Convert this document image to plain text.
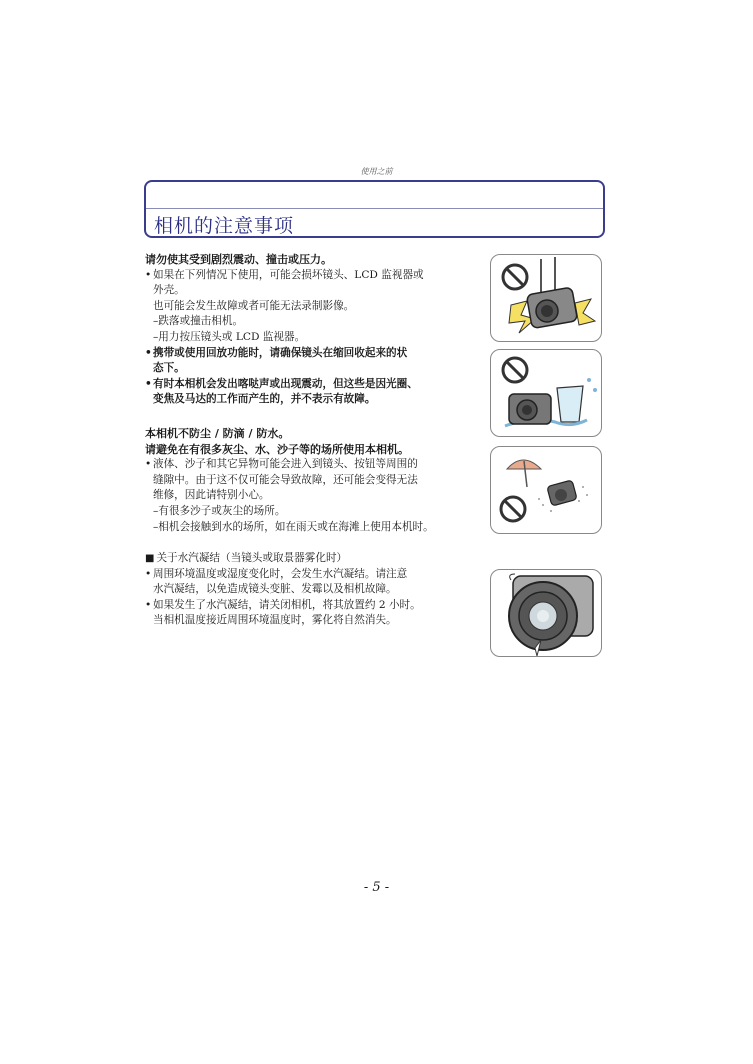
使用之前
相机的注意事项
请勿使其受到剧烈震动、撞击或压力。
• 如果在下列情况下使用，可能会损坏镜头、LCD 监视器或
外壳。
也可能会发生故障或者可能无法录制影像。
–跌落或撞击相机。
–用力按压镜头或 LCD 监视器。
• 携带或使用回放功能时，请确保镜头在缩回收起来的状
态下。
• 有时本相机会发出喀哒声或出现震动，但这些是因光圈、
变焦及马达的工作而产生的，并不表示有故障。
本相机不防尘 / 防滴 / 防水。
请避免在有很多灰尘、水、沙子等的场所使用本相机。
• 液体、沙子和其它异物可能会进入到镜头、按钮等周围的
缝隙中。由于这不仅可能会导致故障，还可能会变得无法
维修，因此请特别小心。
–有很多沙子或灰尘的场所。
–相机会接触到水的场所，如在雨天或在海滩上使用本机时。
■ 关于水汽凝结（当镜头或取景器雾化时）
• 周围环境温度或湿度变化时，会发生水汽凝结。请注意
水汽凝结，以免造成镜头变脏、发霉以及相机故障。
• 如果发生了水汽凝结，请关闭相机，将其放置约 2 小时。
当相机温度接近周围环境温度时，雾化将自然消失。
- 5 -
